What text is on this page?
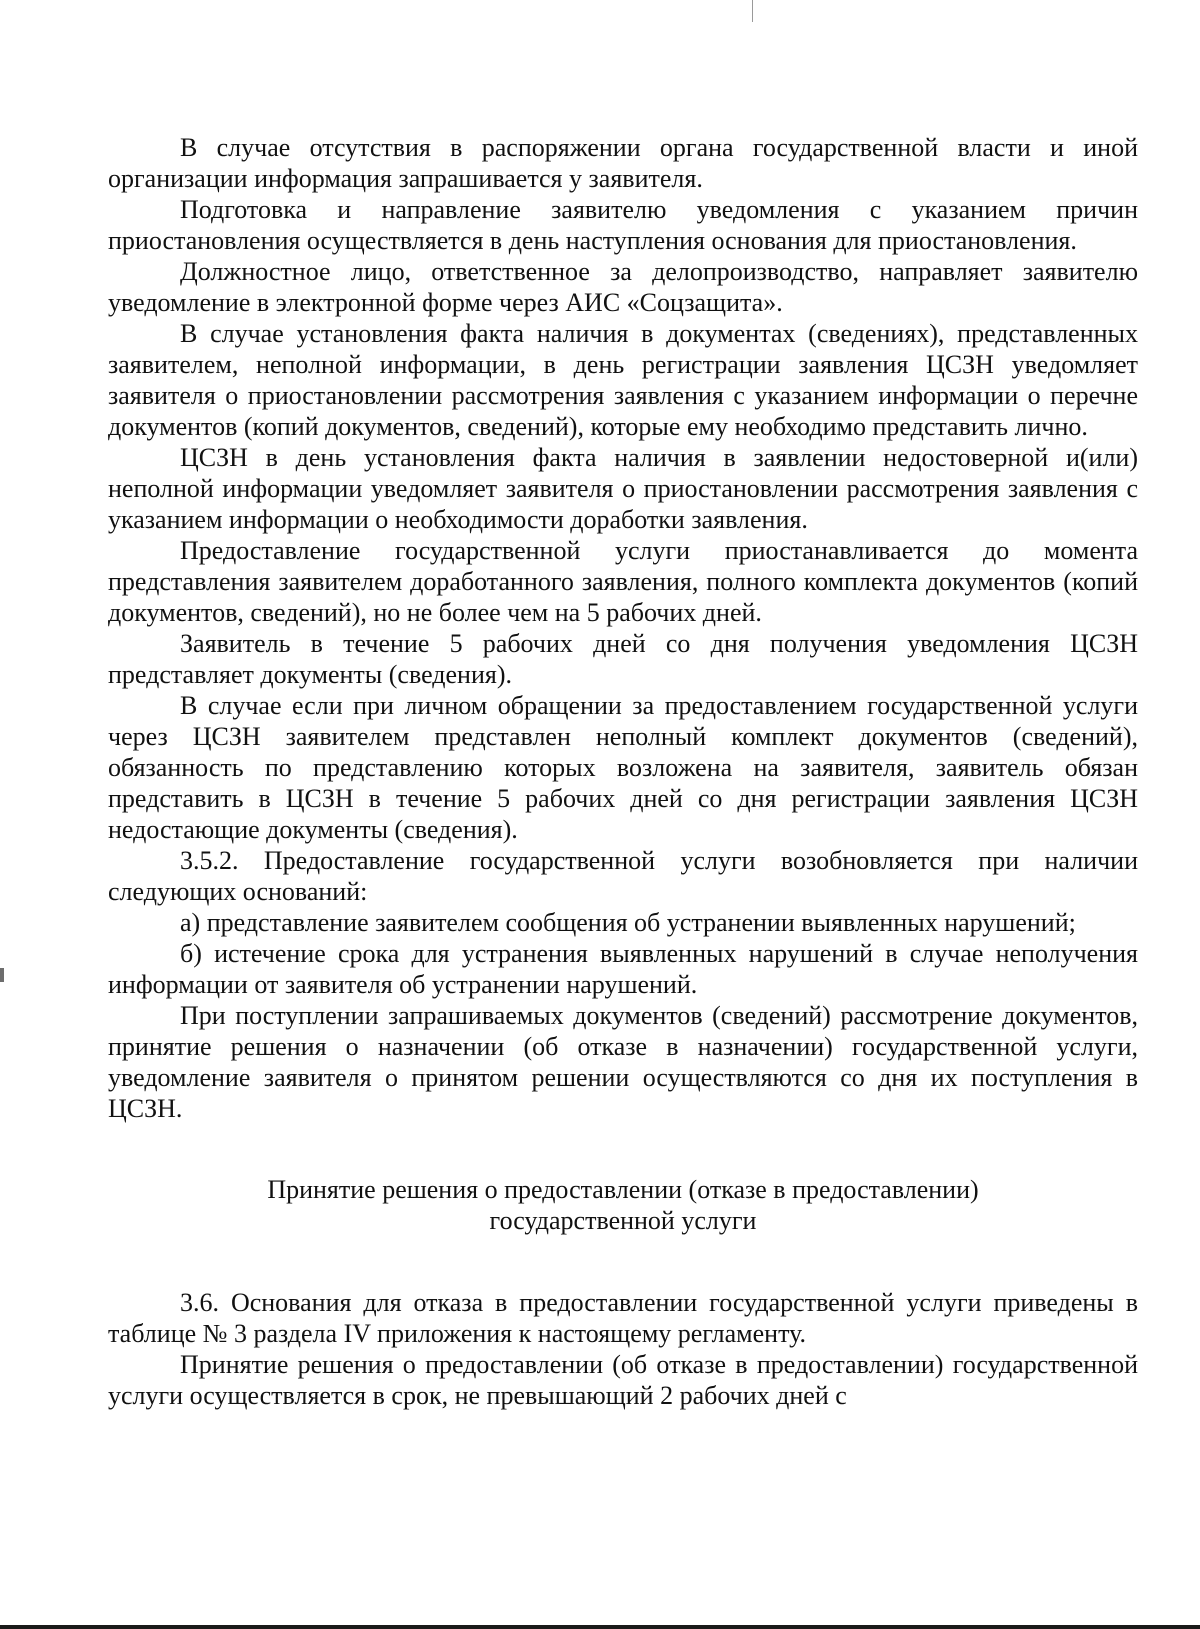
В случае отсутствия в распоряжении органа государственной власти и иной организации информация запрашивается у заявителя.

Подготовка и направление заявителю уведомления с указанием причин приостановления осуществляется в день наступления основания для приостановления.

Должностное лицо, ответственное за делопроизводство, направляет заявителю уведомление в электронной форме через АИС «Соцзащита».

В случае установления факта наличия в документах (сведениях), представленных заявителем, неполной информации, в день регистрации заявления ЦСЗН уведомляет заявителя о приостановлении рассмотрения заявления с указанием информации о перечне документов (копий документов, сведений), которые ему необходимо представить лично.

ЦСЗН в день установления факта наличия в заявлении недостоверной и(или) неполной информации уведомляет заявителя о приостановлении рассмотрения заявления с указанием информации о необходимости доработки заявления.

Предоставление государственной услуги приостанавливается до момента представления заявителем доработанного заявления, полного комплекта документов (копий документов, сведений), но не более чем на 5 рабочих дней.

Заявитель в течение 5 рабочих дней со дня получения уведомления ЦСЗН представляет документы (сведения).

В случае если при личном обращении за предоставлением государственной услуги через ЦСЗН заявителем представлен неполный комплект документов (сведений), обязанность по представлению которых возложена на заявителя, заявитель обязан представить в ЦСЗН в течение 5 рабочих дней со дня регистрации заявления ЦСЗН недостающие документы (сведения).

3.5.2. Предоставление государственной услуги возобновляется при наличии следующих оснований:

а) представление заявителем сообщения об устранении выявленных нарушений;

б) истечение срока для устранения выявленных нарушений в случае неполучения информации от заявителя об устранении нарушений.

При поступлении запрашиваемых документов (сведений) рассмотрение документов, принятие решения о назначении (об отказе в назначении) государственной услуги, уведомление заявителя о принятом решении осуществляются со дня их поступления в ЦСЗН.

Принятие решения о предоставлении (отказе в предоставлении)
государственной услуги

3.6. Основания для отказа в предоставлении государственной услуги приведены в таблице № 3 раздела IV приложения к настоящему регламенту.

Принятие решения о предоставлении (об отказе в предоставлении) государственной услуги осуществляется в срок, не превышающий 2 рабочих дней с
